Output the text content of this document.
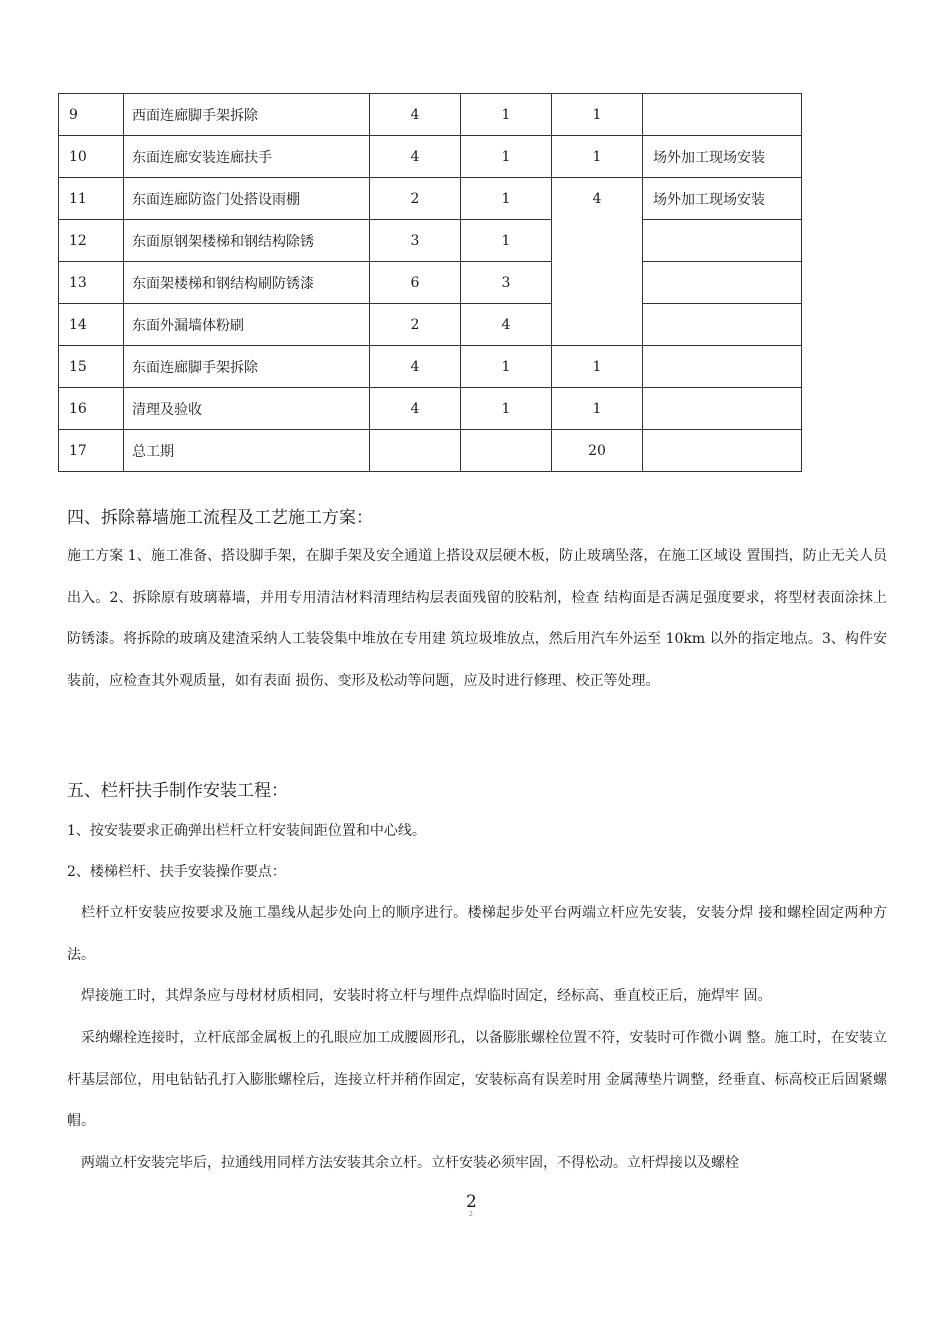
9	西面连廊脚手架拆除	4	1	1	
10	东面连廊安装连廊扶手	4	1	1	场外加工现场安装
11	东面连廊防盗门处搭设雨棚	2	1	4	场外加工现场安装
12	东面原钢架楼梯和钢结构除锈	3	1		
13	东面架楼梯和钢结构刷防锈漆	6	3		
14	东面外漏墙体粉刷	2	4		
15	东面连廊脚手架拆除	4	1	1	
16	清理及验收	4	1	1	
17	总工期			20	
四、拆除幕墙施工流程及工艺施工方案：
施工方案 1、施工准备、搭设脚手架，在脚手架及安全通道上搭设双层硬木板，防止玻璃坠落，在施工区域设 置围挡，防止无关人员出入。2、拆除原有玻璃幕墙，并用专用清洁材料清理结构层表面残留的胶粘剂，检查 结构面是否满足强度要求，将型材表面涂抹上防锈漆。将拆除的玻璃及建渣采纳人工装袋集中堆放在专用建 筑垃圾堆放点，然后用汽车外运至 10km 以外的指定地点。3、构件安装前，应检查其外观质量，如有表面 损伤、变形及松动等问题，应及时进行修理、校正等处理。
五、栏杆扶手制作安装工程：
1、按安装要求正确弹出栏杆立杆安装间距位置和中心线。
2、楼梯栏杆、扶手安装操作要点：
栏杆立杆安装应按要求及施工墨线从起步处向上的顺序进行。楼梯起步处平台两端立杆应先安装，安装分焊 接和螺栓固定两种方法。
焊接施工时，其焊条应与母材材质相同，安装时将立杆与埋件点焊临时固定，经标高、垂直校正后，施焊牢 固。
采纳螺栓连接时，立杆底部金属板上的孔眼应加工成腰圆形孔，以备膨胀螺栓位置不符，安装时可作微小调 整。施工时，在安装立杆基层部位，用电钻钻孔打入膨胀螺栓后，连接立杆并稍作固定，安装标高有误差时用 金属薄垫片调整，经垂直、标高校正后固紧螺帽。
两端立杆安装完毕后，拉通线用同样方法安装其余立杆。立杆安装必须牢固，不得松动。立杆焊接以及螺栓
2
2
